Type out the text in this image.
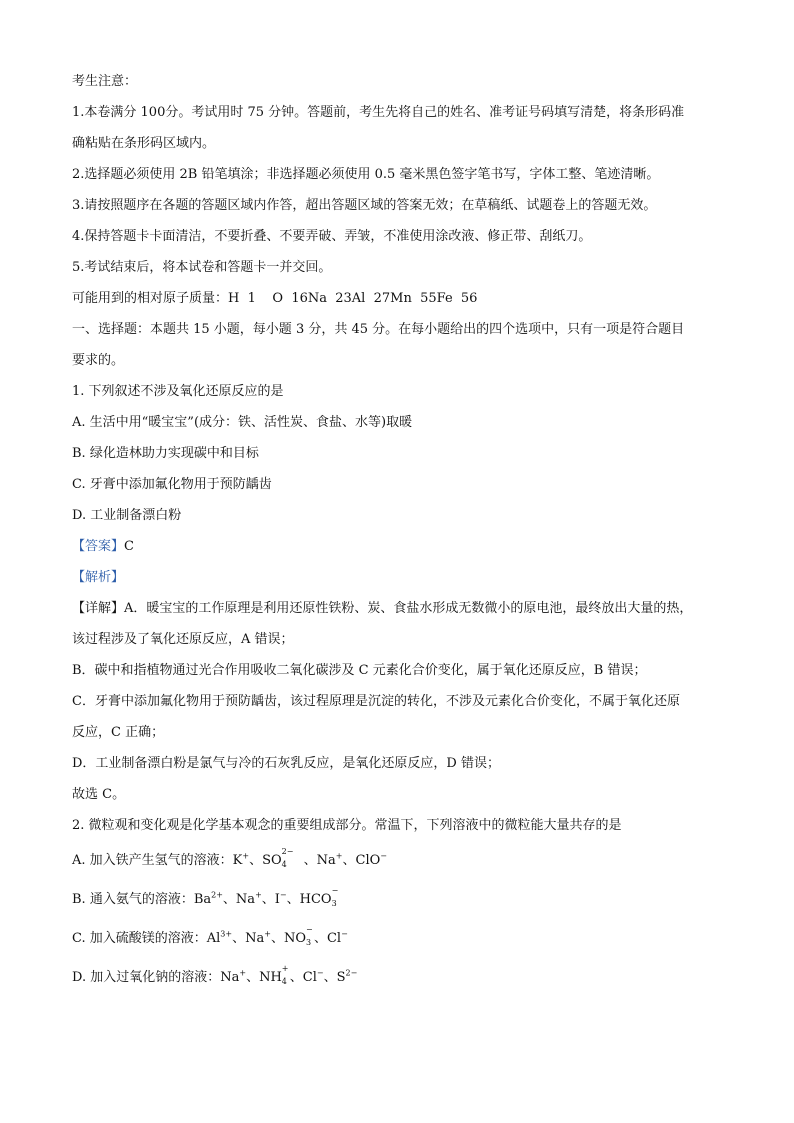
考生注意：
1.本卷满分 100分。考试用时 75 分钟。答题前，考生先将自己的姓名、准考证号码填写清楚，将条形码准
确粘贴在条形码区域内。
2.选择题必须使用 2B 铅笔填涂；非选择题必须使用 0.5 毫米黑色签字笔书写，字体工整、笔迹清晰。
3.请按照题序在各题的答题区域内作答，超出答题区域的答案无效；在草稿纸、试题卷上的答题无效。
4.保持答题卡卡面清洁，不要折叠、不要弄破、弄皱，不准使用涂改液、修正带、刮纸刀。
5.考试结束后，将本试卷和答题卡一并交回。
可能用到的相对原子质量：H  1    O  16Na  23Al  27Mn  55Fe  56
一、选择题：本题共 15 小题，每小题 3 分，共 45 分。在每小题给出的四个选项中，只有一项是符合题目
要求的。
1. 下列叙述不涉及氧化还原反应的是
A. 生活中用“暖宝宝”(成分：铁、活性炭、食盐、水等)取暖
B. 绿化造林助力实现碳中和目标
C. 牙膏中添加氟化物用于预防龋齿
D. 工业制备漂白粉
【答案】C
【解析】
【详解】A．暖宝宝的工作原理是利用还原性铁粉、炭、食盐水形成无数微小的原电池，最终放出大量的热，
该过程涉及了氧化还原反应，A 错误；
B．碳中和指植物通过光合作用吸收二氧化碳涉及 C 元素化合价变化，属于氧化还原反应，B 错误；
C．牙膏中添加氟化物用于预防龋齿，该过程原理是沉淀的转化，不涉及元素化合价变化，不属于氧化还原
反应，C 正确；
D．工业制备漂白粉是氯气与冷的石灰乳反应，是氧化还原反应，D 错误；
故选 C。
2. 微粒观和变化观是化学基本观念的重要组成部分。常温下，下列溶液中的微粒能大量共存的是
A. 加入铁产生氢气的溶液：K+、SO
2−
4 、Na+、ClO−
B. 通入氨气的溶液：$Ba^{2+}$、Na+、I−、HCO
−
3
C. 加入硫酸镁的溶液：$Al^{3+}$、Na+、NO
−
3 、Cl−
D. 加入过氧化钠的溶液：Na+、NH
+
4 、Cl−、$S^{2-}$
